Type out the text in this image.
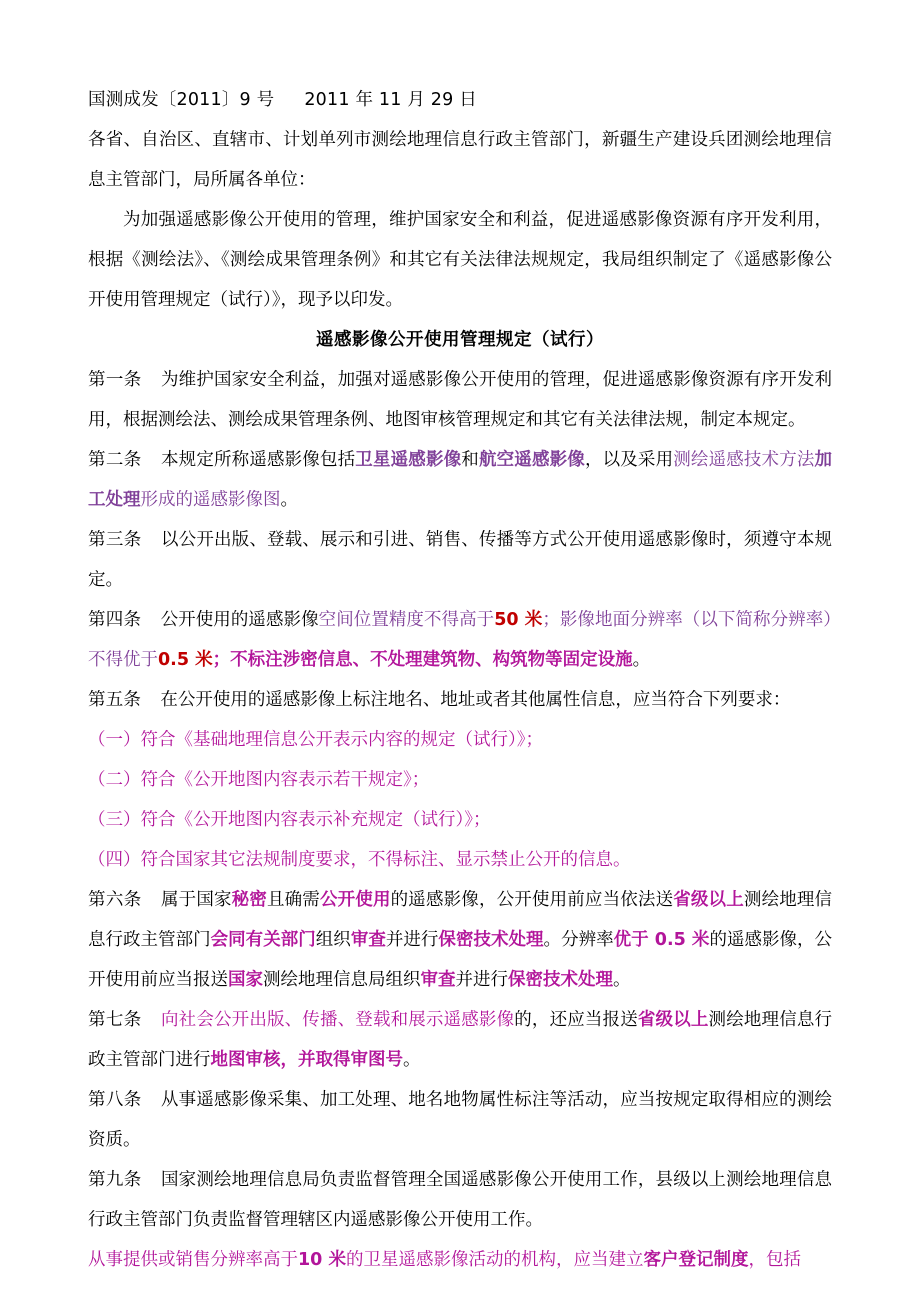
国测成发〔2011〕9 号 2011 年 11 月 29 日

各省、自治区、直辖市、计划单列市测绘地理信息行政主管部门，新疆生产建设兵团测绘地理信息主管部门，局所属各单位：

为加强遥感影像公开使用的管理，维护国家安全和利益，促进遥感影像资源有序开发利用，根据《测绘法》、《测绘成果管理条例》和其它有关法律法规规定，我局组织制定了《遥感影像公开使用管理规定（试行）》，现予以印发。

遥感影像公开使用管理规定（试行）

第一条 为维护国家安全利益，加强对遥感影像公开使用的管理，促进遥感影像资源有序开发利用，根据测绘法、测绘成果管理条例、地图审核管理规定和其它有关法律法规，制定本规定。

第二条 本规定所称遥感影像包括卫星遥感影像和航空遥感影像，以及采用测绘遥感技术方法加工处理形成的遥感影像图。

第三条 以公开出版、登载、展示和引进、销售、传播等方式公开使用遥感影像时，须遵守本规定。

第四条 公开使用的遥感影像空间位置精度不得高于50 米；影像地面分辨率（以下简称分辨率）不得优于0.5 米；不标注涉密信息、不处理建筑物、构筑物等固定设施。

第五条 在公开使用的遥感影像上标注地名、地址或者其他属性信息，应当符合下列要求：

（一）符合《基础地理信息公开表示内容的规定（试行）》；

（二）符合《公开地图内容表示若干规定》；

（三）符合《公开地图内容表示补充规定（试行）》；

（四）符合国家其它法规制度要求，不得标注、显示禁止公开的信息。

第六条 属于国家秘密且确需公开使用的遥感影像，公开使用前应当依法送省级以上测绘地理信息行政主管部门会同有关部门组织审查并进行保密技术处理。分辨率优于 0.5 米的遥感影像，公开使用前应当报送国家测绘地理信息局组织审查并进行保密技术处理。

第七条 向社会公开出版、传播、登载和展示遥感影像的，还应当报送省级以上测绘地理信息行政主管部门进行地图审核，并取得审图号。

第八条 从事遥感影像采集、加工处理、地名地物属性标注等活动，应当按规定取得相应的测绘资质。

第九条 国家测绘地理信息局负责监督管理全国遥感影像公开使用工作，县级以上测绘地理信息行政主管部门负责监督管理辖区内遥感影像公开使用工作。

从事提供或销售分辨率高于10 米的卫星遥感影像活动的机构，应当建立客户登记制度，包括
